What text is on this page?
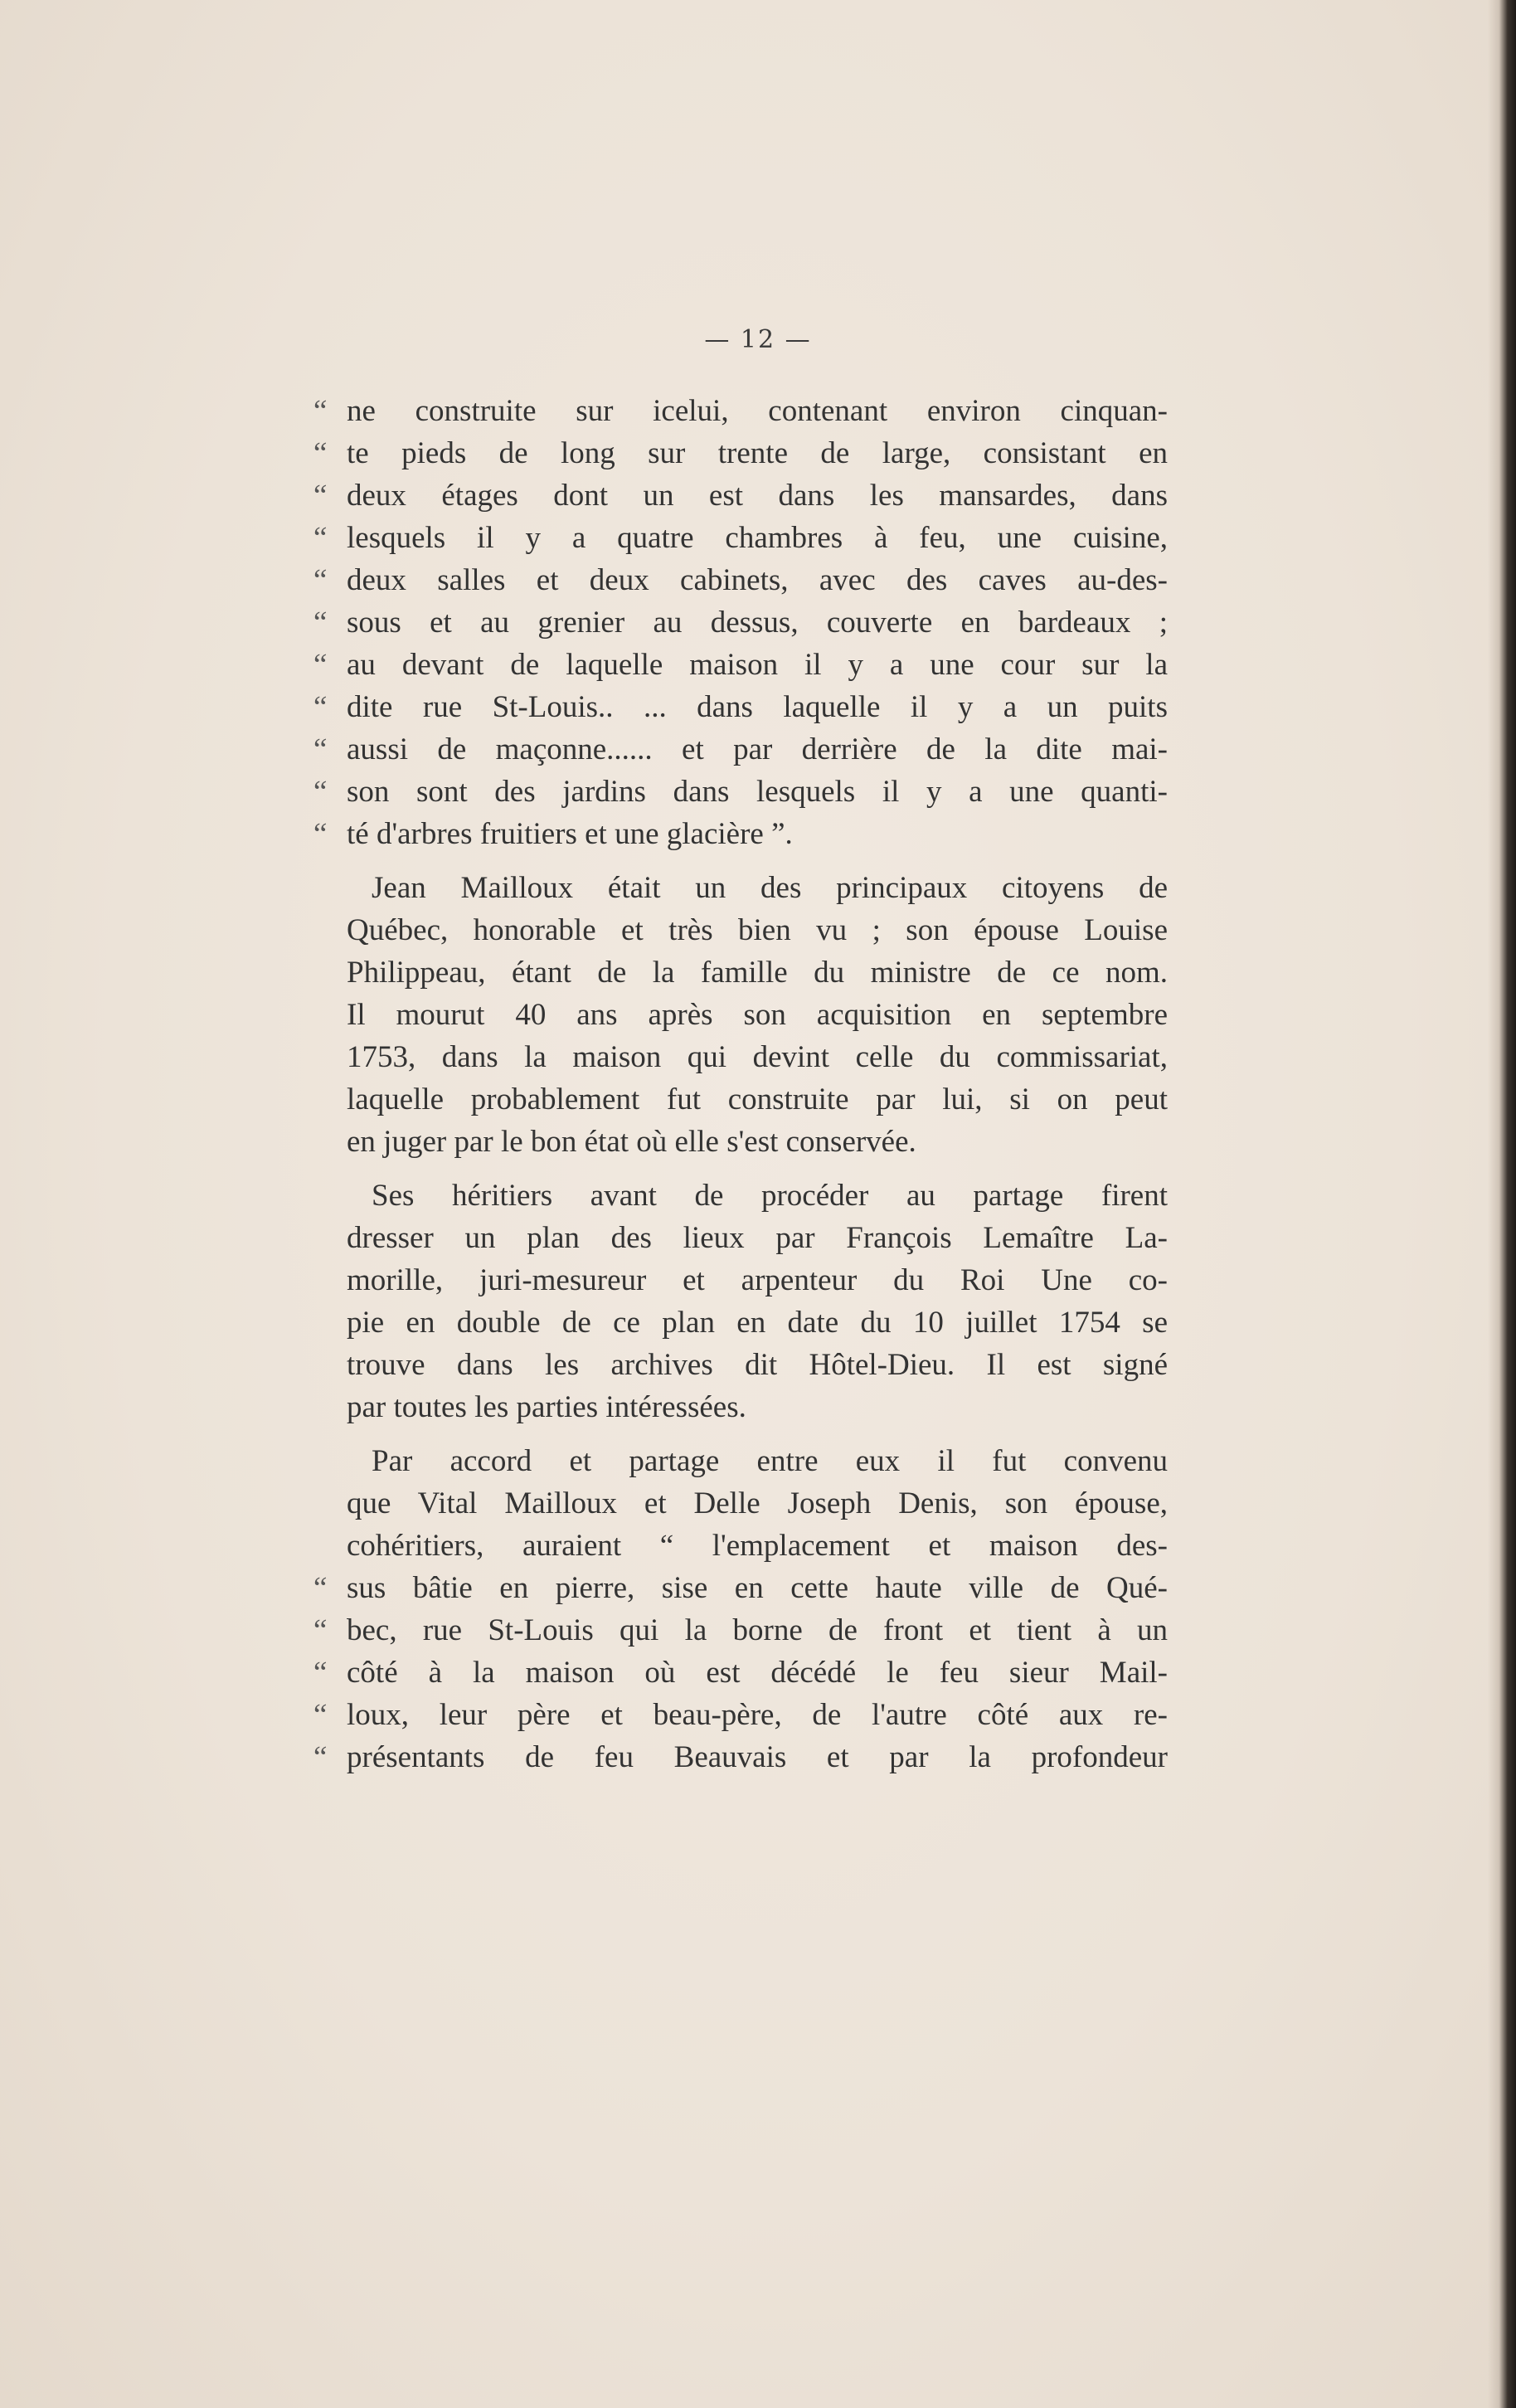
— 12 —
“ ne construite sur icelui, contenant environ cinquan-
“ te pieds de long sur trente de large, consistant en
“ deux étages dont un est dans les mansardes, dans
“ lesquels il y a quatre chambres à feu, une cuisine,
“ deux salles et deux cabinets, avec des caves au-des-
“ sous et au grenier au dessus, couverte en bardeaux ;
“ au devant de laquelle maison il y a une cour sur la
“ dite rue St-Louis.. ... dans laquelle il y a un puits
“ aussi de maçonne...... et par derrière de la dite mai-
“ son sont des jardins dans lesquels il y a une quanti-
“ té d'arbres fruitiers et une glacière ”.
Jean Mailloux était un des principaux citoyens de
Québec, honorable et très bien vu ; son épouse Louise
Philippeau, étant de la famille du ministre de ce nom.
Il mourut 40 ans après son acquisition en septembre
1753, dans la maison qui devint celle du commissariat,
laquelle probablement fut construite par lui, si on peut
en juger par le bon état où elle s'est conservée.
Ses héritiers avant de procéder au partage firent
dresser un plan des lieux par François Lemaître La-
morille, juri-mesureur et arpenteur du Roi Une co-
pie en double de ce plan en date du 10 juillet 1754 se
trouve dans les archives dit Hôtel-Dieu. Il est signé
par toutes les parties intéressées.
Par accord et partage entre eux il fut convenu
que Vital Mailloux et Delle Joseph Denis, son épouse,
cohéritiers, auraient “ l'emplacement et maison des-
“ sus bâtie en pierre, sise en cette haute ville de Qué-
“ bec, rue St-Louis qui la borne de front et tient à un
“ côté à la maison où est décédé le feu sieur Mail-
“ loux, leur père et beau-père, de l'autre côté aux re-
“ présentants de feu Beauvais et par la profondeur
